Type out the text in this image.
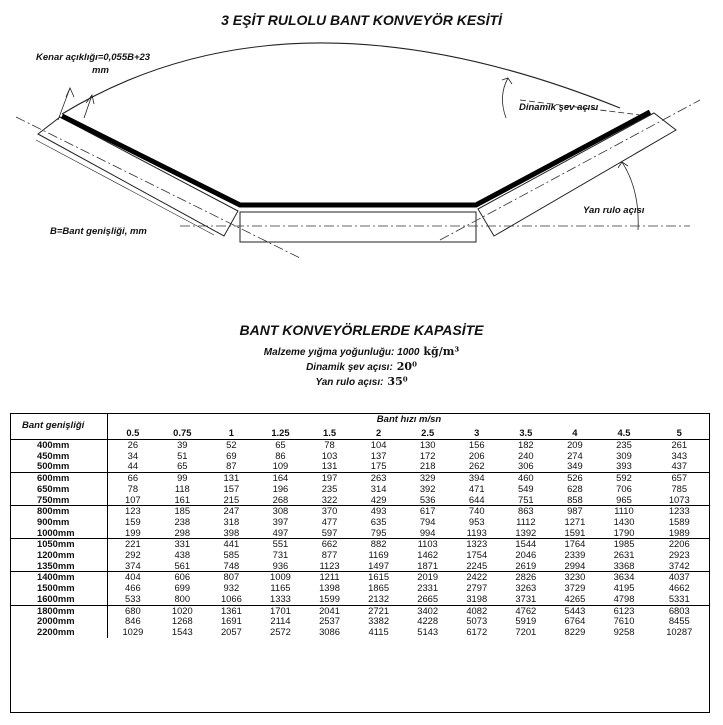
3 EŞİT RULOLU BANT KONVEYÖR KESİTİ
Kenar açıklığı=0,055B+23
mm
Dinamik şev açısı
Yan rulo açısı
B=Bant genişliği, mm
BANT KONVEYÖRLERDE KAPASİTE
Malzeme yığma yoğunluğu: 1000 kğ/m³
Dinamik şev açısı: 20⁰
Yan rulo açısı: 35⁰
Bant genişliği	Bant hızı m/sn											
	0.5	0.75	1	1.25	1.5	2	2.5	3	3.5	4	4.5	5
400mm	26	39	52	65	78	104	130	156	182	209	235	261
450mm	34	51	69	86	103	137	172	206	240	274	309	343
500mm	44	65	87	109	131	175	218	262	306	349	393	437
600mm	66	99	131	164	197	263	329	394	460	526	592	657
650mm	78	118	157	196	235	314	392	471	549	628	706	785
750mm	107	161	215	268	322	429	536	644	751	858	965	1073
800mm	123	185	247	308	370	493	617	740	863	987	1110	1233
900mm	159	238	318	397	477	635	794	953	1112	1271	1430	1589
1000mm	199	298	398	497	597	795	994	1193	1392	1591	1790	1989
1050mm	221	331	441	551	662	882	1103	1323	1544	1764	1985	2206
1200mm	292	438	585	731	877	1169	1462	1754	2046	2339	2631	2923
1350mm	374	561	748	936	1123	1497	1871	2245	2619	2994	3368	3742
1400mm	404	606	807	1009	1211	1615	2019	2422	2826	3230	3634	4037
1500mm	466	699	932	1165	1398	1865	2331	2797	3263	3729	4195	4662
1600mm	533	800	1066	1333	1599	2132	2665	3198	3731	4265	4798	5331
1800mm	680	1020	1361	1701	2041	2721	3402	4082	4762	5443	6123	6803
2000mm	846	1268	1691	2114	2537	3382	4228	5073	5919	6764	7610	8455
2200mm	1029	1543	2057	2572	3086	4115	5143	6172	7201	8229	9258	10287
